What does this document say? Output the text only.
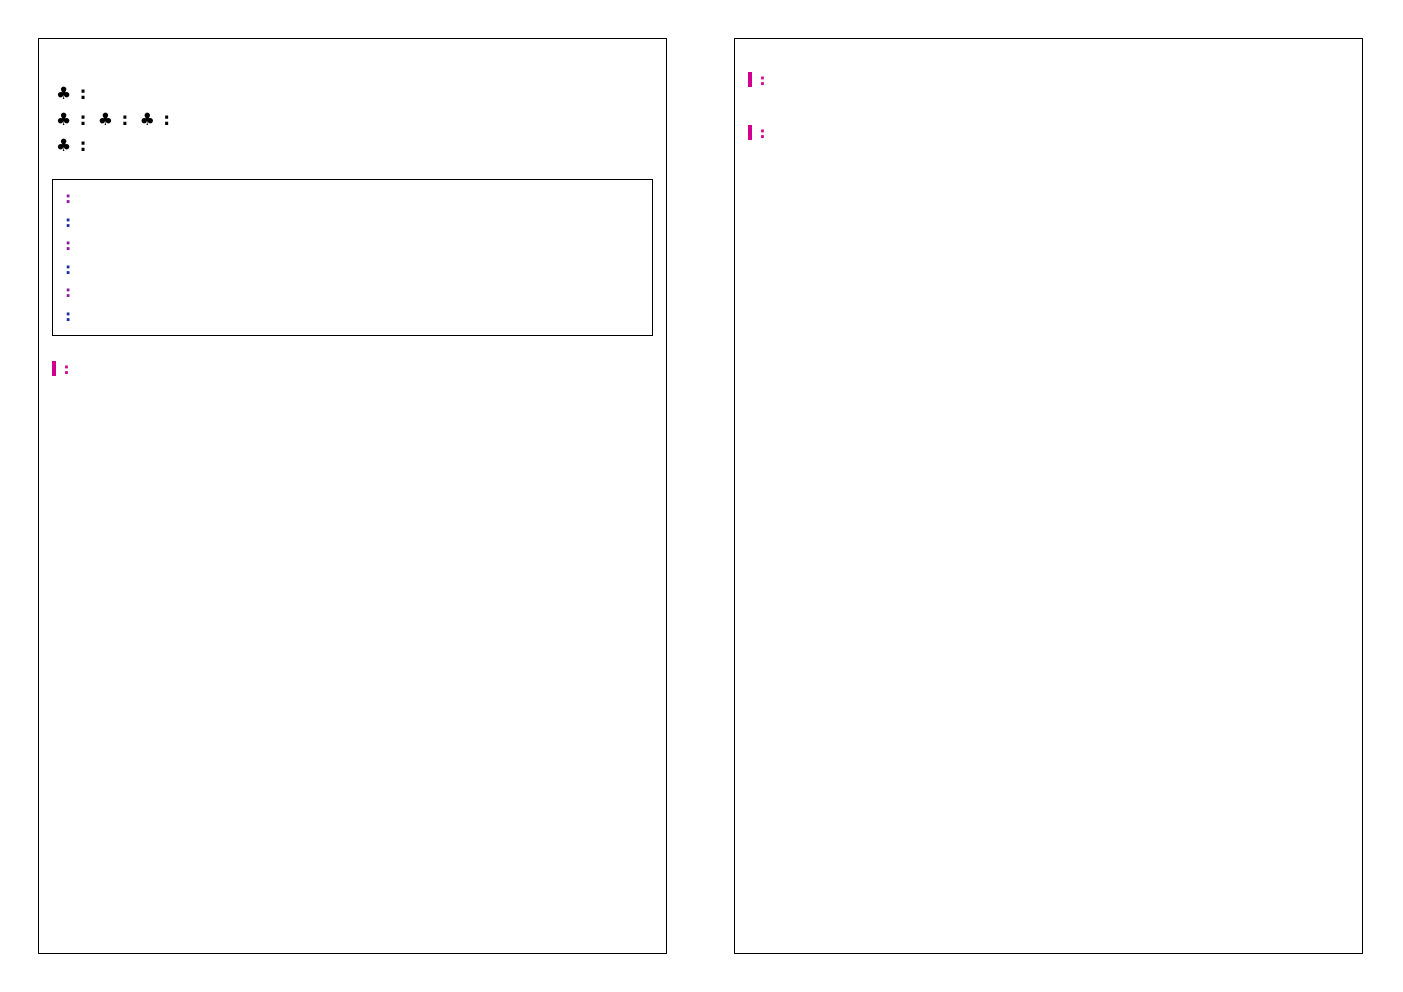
♣ :
♣ :  ♣ :  ♣ :
♣ :

:
:
:
:
:
:

:

:

:
